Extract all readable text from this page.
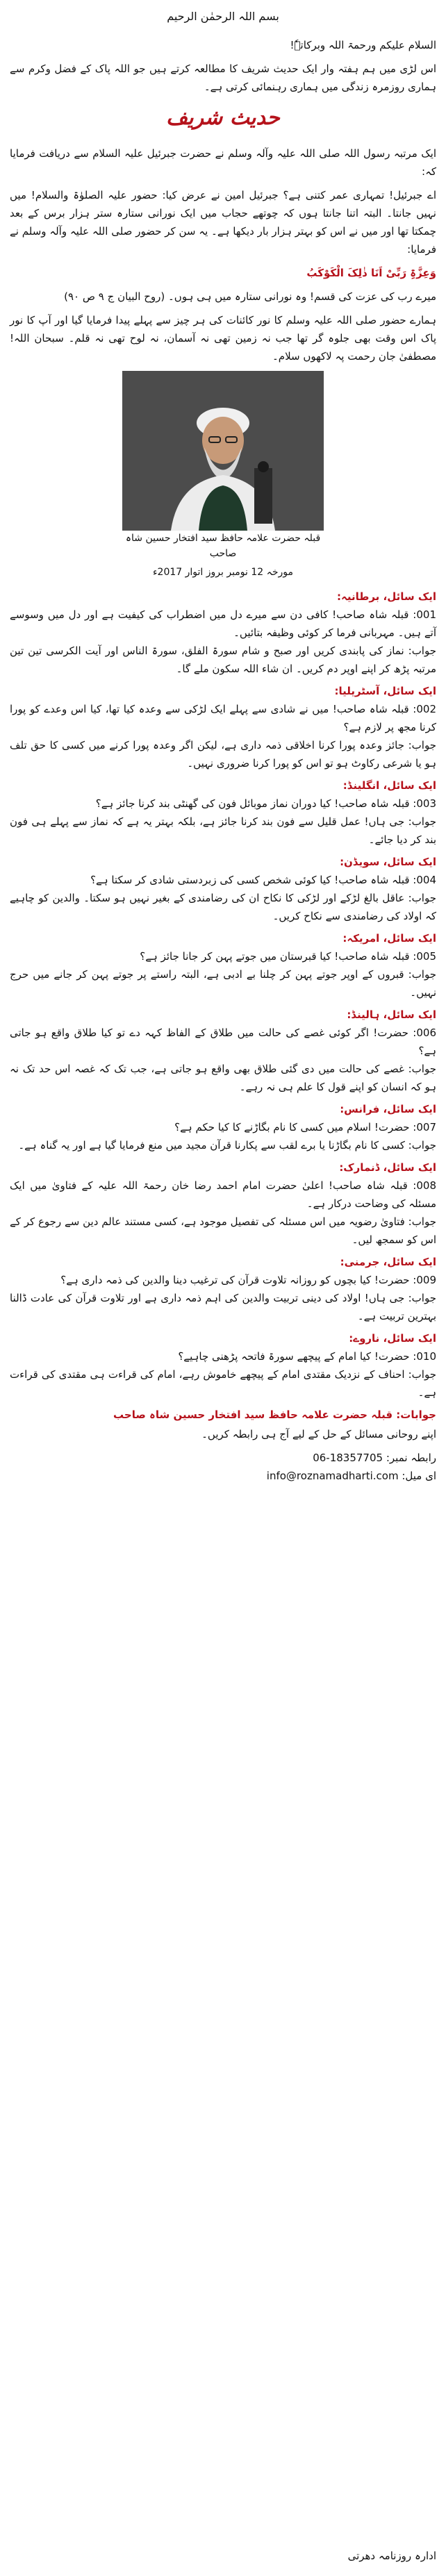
بسم اللہ الرحمٰن الرحیم

السلام علیکم ورحمۃ اللہ وبرکاتہٗ!

اس لڑی میں ہم ہفتہ وار ایک حدیث شریف کا مطالعہ کرتے ہیں جو اللہ پاک کے فضل وکرم سے ہماری روزمرہ زندگی میں ہماری رہنمائی کرتی ہے۔

حدیث شریف

ایک مرتبہ رسول اللہ صلی اللہ علیہ وآلہ وسلم نے حضرت جبرئیل علیہ السلام سے دریافت فرمایا کہ:

اے جبرئیل! تمہاری عمر کتنی ہے؟ جبرئیل امین نے عرض کیا: حضور علیہ الصلوٰۃ والسلام! میں نہیں جانتا۔ البتہ اتنا جانتا ہوں کہ چوتھے حجاب میں ایک نورانی ستارہ ستر ہزار برس کے بعد چمکتا تھا اور میں نے اس کو بہتر ہزار بار دیکھا ہے۔ یہ سن کر حضور صلی اللہ علیہ وآلہ وسلم نے فرمایا:

وَعِزَّۃِ رَبِّیْ اَنَا ذٰلِکَ الْکَوْکَبُ

میرے رب کی عزت کی قسم! وہ نورانی ستارہ میں ہی ہوں۔ (روح البیان ج ۹ ص ۹۰)

ہمارے حضور صلی اللہ علیہ وسلم کا نور کائنات کی ہر چیز سے پہلے پیدا فرمایا گیا اور آپ کا نور پاک اس وقت بھی جلوہ گر تھا جب نہ زمین تھی نہ آسمان، نہ لوح تھی نہ قلم۔ سبحان اللہ! مصطفیٰ جان رحمت پہ لاکھوں سلام۔

قبلہ حضرت علامہ حافظ سید افتخار حسین شاہ صاحب
مورخہ 12 نومبر بروز اتوار 2017ء

ایک سائل، برطانیہ:

001: قبلہ شاہ صاحب! کافی دن سے میرے دل میں اضطراب کی کیفیت ہے اور دل میں وسوسے آتے ہیں۔ مہربانی فرما کر کوئی وظیفہ بتائیں۔

جواب: نماز کی پابندی کریں اور صبح و شام سورۃ الفلق، سورۃ الناس اور آیت الکرسی تین تین مرتبہ پڑھ کر اپنے اوپر دم کریں۔ ان شاء اللہ سکون ملے گا۔

ایک سائل، آسٹریلیا:

002: قبلہ شاہ صاحب! میں نے شادی سے پہلے ایک لڑکی سے وعدہ کیا تھا، کیا اس وعدے کو پورا کرنا مجھ پر لازم ہے؟

جواب: جائز وعدہ پورا کرنا اخلاقی ذمہ داری ہے، لیکن اگر وعدہ پورا کرنے میں کسی کا حق تلف ہو یا شرعی رکاوٹ ہو تو اس کو پورا کرنا ضروری نہیں۔

ایک سائل، انگلینڈ:

003: قبلہ شاہ صاحب! کیا دوران نماز موبائل فون کی گھنٹی بند کرنا جائز ہے؟

جواب: جی ہاں! عمل قلیل سے فون بند کرنا جائز ہے، بلکہ بہتر یہ ہے کہ نماز سے پہلے ہی فون بند کر دیا جائے۔

ایک سائل، سویڈن:

004: قبلہ شاہ صاحب! کیا کوئی شخص کسی کی زبردستی شادی کر سکتا ہے؟

جواب: عاقل بالغ لڑکے اور لڑکی کا نکاح ان کی رضامندی کے بغیر نہیں ہو سکتا۔ والدین کو چاہیے کہ اولاد کی رضامندی سے نکاح کریں۔

ایک سائل، امریکہ:

005: قبلہ شاہ صاحب! کیا قبرستان میں جوتے پہن کر جانا جائز ہے؟

جواب: قبروں کے اوپر جوتے پہن کر چلنا بے ادبی ہے، البتہ راستے پر جوتے پہن کر جانے میں حرج نہیں۔

ایک سائل، ہالینڈ:

006: حضرت! اگر کوئی غصے کی حالت میں طلاق کے الفاظ کہہ دے تو کیا طلاق واقع ہو جاتی ہے؟

جواب: غصے کی حالت میں دی گئی طلاق بھی واقع ہو جاتی ہے، جب تک کہ غصہ اس حد تک نہ ہو کہ انسان کو اپنے قول کا علم ہی نہ رہے۔

ایک سائل، فرانس:

007: حضرت! اسلام میں کسی کا نام بگاڑنے کا کیا حکم ہے؟

جواب: کسی کا نام بگاڑنا یا برے لقب سے پکارنا قرآن مجید میں منع فرمایا گیا ہے اور یہ گناہ ہے۔

ایک سائل، ڈنمارک:

008: قبلہ شاہ صاحب! اعلیٰ حضرت امام احمد رضا خان رحمۃ اللہ علیہ کے فتاویٰ میں ایک مسئلہ کی وضاحت درکار ہے۔

جواب: فتاویٰ رضویہ میں اس مسئلہ کی تفصیل موجود ہے، کسی مستند عالم دین سے رجوع کر کے اس کو سمجھ لیں۔

ایک سائل، جرمنی:

009: حضرت! کیا بچوں کو روزانہ تلاوت قرآن کی ترغیب دینا والدین کی ذمہ داری ہے؟

جواب: جی ہاں! اولاد کی دینی تربیت والدین کی اہم ذمہ داری ہے اور تلاوت قرآن کی عادت ڈالنا بہترین تربیت ہے۔

ایک سائل، ناروے:

010: حضرت! کیا امام کے پیچھے سورۃ فاتحہ پڑھنی چاہیے؟

جواب: احناف کے نزدیک مقتدی امام کے پیچھے خاموش رہے، امام کی قراءت ہی مقتدی کی قراءت ہے۔

جوابات: قبلہ حضرت علامہ حافظ سید افتخار حسین شاہ صاحب

اپنے روحانی مسائل کے حل کے لیے آج ہی رابطہ کریں۔

رابطہ نمبر: 06-18357705
ای میل: info@roznamadharti.com
ادارہ روزنامہ دھرتی
